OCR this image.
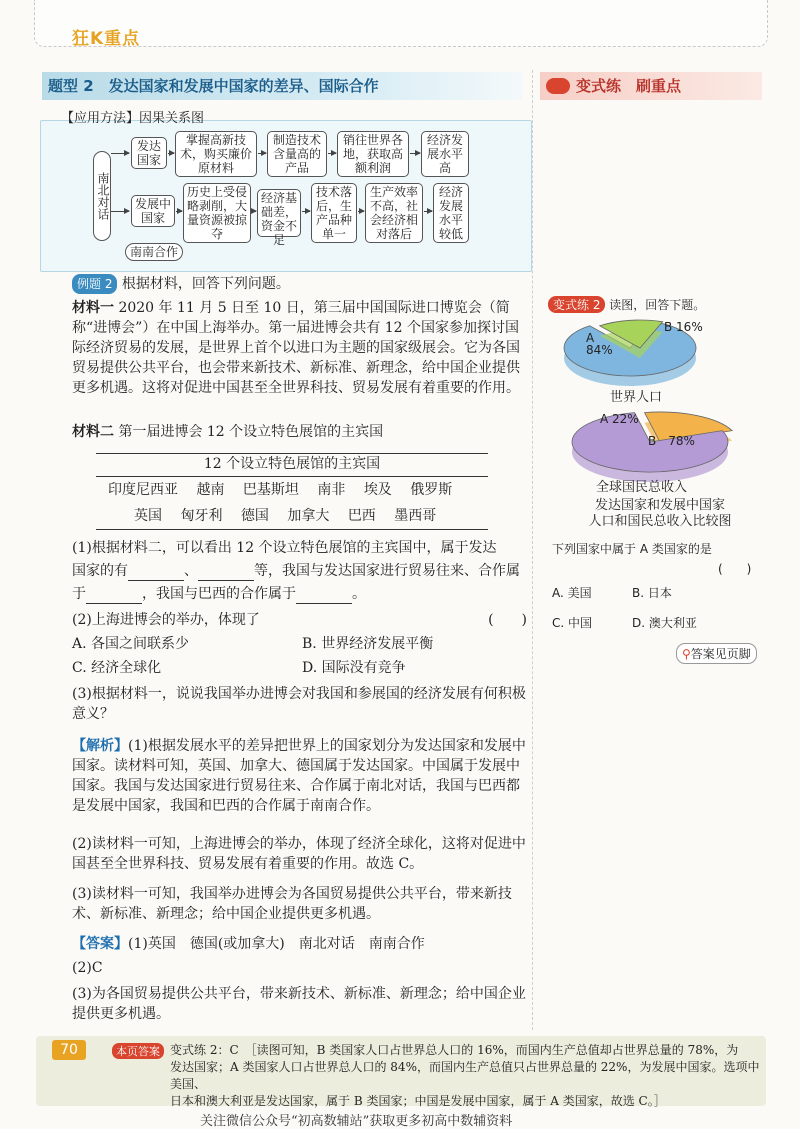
狂K重点
题型 2　发达国家和发展中国家的差异、国际合作	变式练　刷重点
【应用方法】因果关系图
南北对话
发达国家
发展中国家
南南合作
掌握高新技术，购买廉价原材料
制造技术含量高的产品
销往世界各地，获取高额利润
经济发展水平高
历史上受侵略剥削，大量资源被掠夺
经济基础差，资金不足
技术落后，生产品种单一
生产效率不高，社会经济相对落后
经济发展水平较低
例题 2 根据材料，回答下列问题。
材料一 2020 年 11 月 5 日至 10 日，第三届中国国际进口博览会（简称“进博会”）在中国上海举办。第一届进博会共有 12 个国家参加探讨国际经济贸易的发展，是世界上首个以进口为主题的国家级展会。它为各国贸易提供公共平台，也会带来新技术、新标准、新理念，给中国企业提供更多机遇。这将对促进中国甚至全世界科技、贸易发展有着重要的作用。
材料二 第一届进博会 12 个设立特色展馆的主宾国
12 个设立特色展馆的主宾国
印度尼西亚　 越南　 巴基斯坦　 南非　 埃及　 俄罗斯
英国　 匈牙利　 德国　 加拿大　 巴西　 墨西哥
(1)根据材料二，可以看出 12 个设立特色展馆的主宾国中，属于发达
国家的有	、	等，我国与发达国家进行贸易往来、合作属
于	，我国与巴西的合作属于	。
(2)上海进博会的举办，体现了	(　　)
A. 各国之间联系少	B. 世界经济发展平衡
C. 经济全球化	D. 国际没有竞争
(3)根据材料一，说说我国举办进博会对我国和参展国的经济发展有何积极意义？
【解析】(1)根据发展水平的差异把世界上的国家划分为发达国家和发展中国家。读材料可知，英国、加拿大、德国属于发达国家。中国属于发展中国家。我国与发达国家进行贸易往来、合作属于南北对话，我国与巴西都是发展中国家，我国和巴西的合作属于南南合作。
(2)读材料一可知，上海进博会的举办，体现了经济全球化，这将对促进中国甚至全世界科技、贸易发展有着重要的作用。故选 C。
(3)读材料一可知，我国举办进博会为各国贸易提供公共平台，带来新技术、新标准、新理念；给中国企业提供更多机遇。
【答案】(1)英国　德国(或加拿大)　南北对话　南南合作
(2)C
(3)为各国贸易提供公共平台，带来新技术、新标准、新理念；给中国企业提供更多机遇。
变式练 2 读图，回答下题。
A
84%
B 16%
世界人口
A 22%
B　78%
全球国民总收入
发达国家和发展中国家
人口和国民总收入比较图
下列国家中属于 A 类国家的是
(　　)
A. 美国	B. 日本
C. 中国	D. 澳大利亚
⚲答案见页脚
70	本页答案 变式练 2：C　［读图可知，B 类国家人口占世界总人口的 16%，而国内生产总值却占世界总量的 78%，为
发达国家；A 类国家人口占世界总人口的 84%，而国内生产总值只占世界总量的 22%，为发展中国家。选项中美国、
日本和澳大利亚是发达国家，属于 B 类国家；中国是发展中国家，属于 A 类国家，故选 C。］
关注微信公众号“初高数辅站”获取更多初高中数辅资料
